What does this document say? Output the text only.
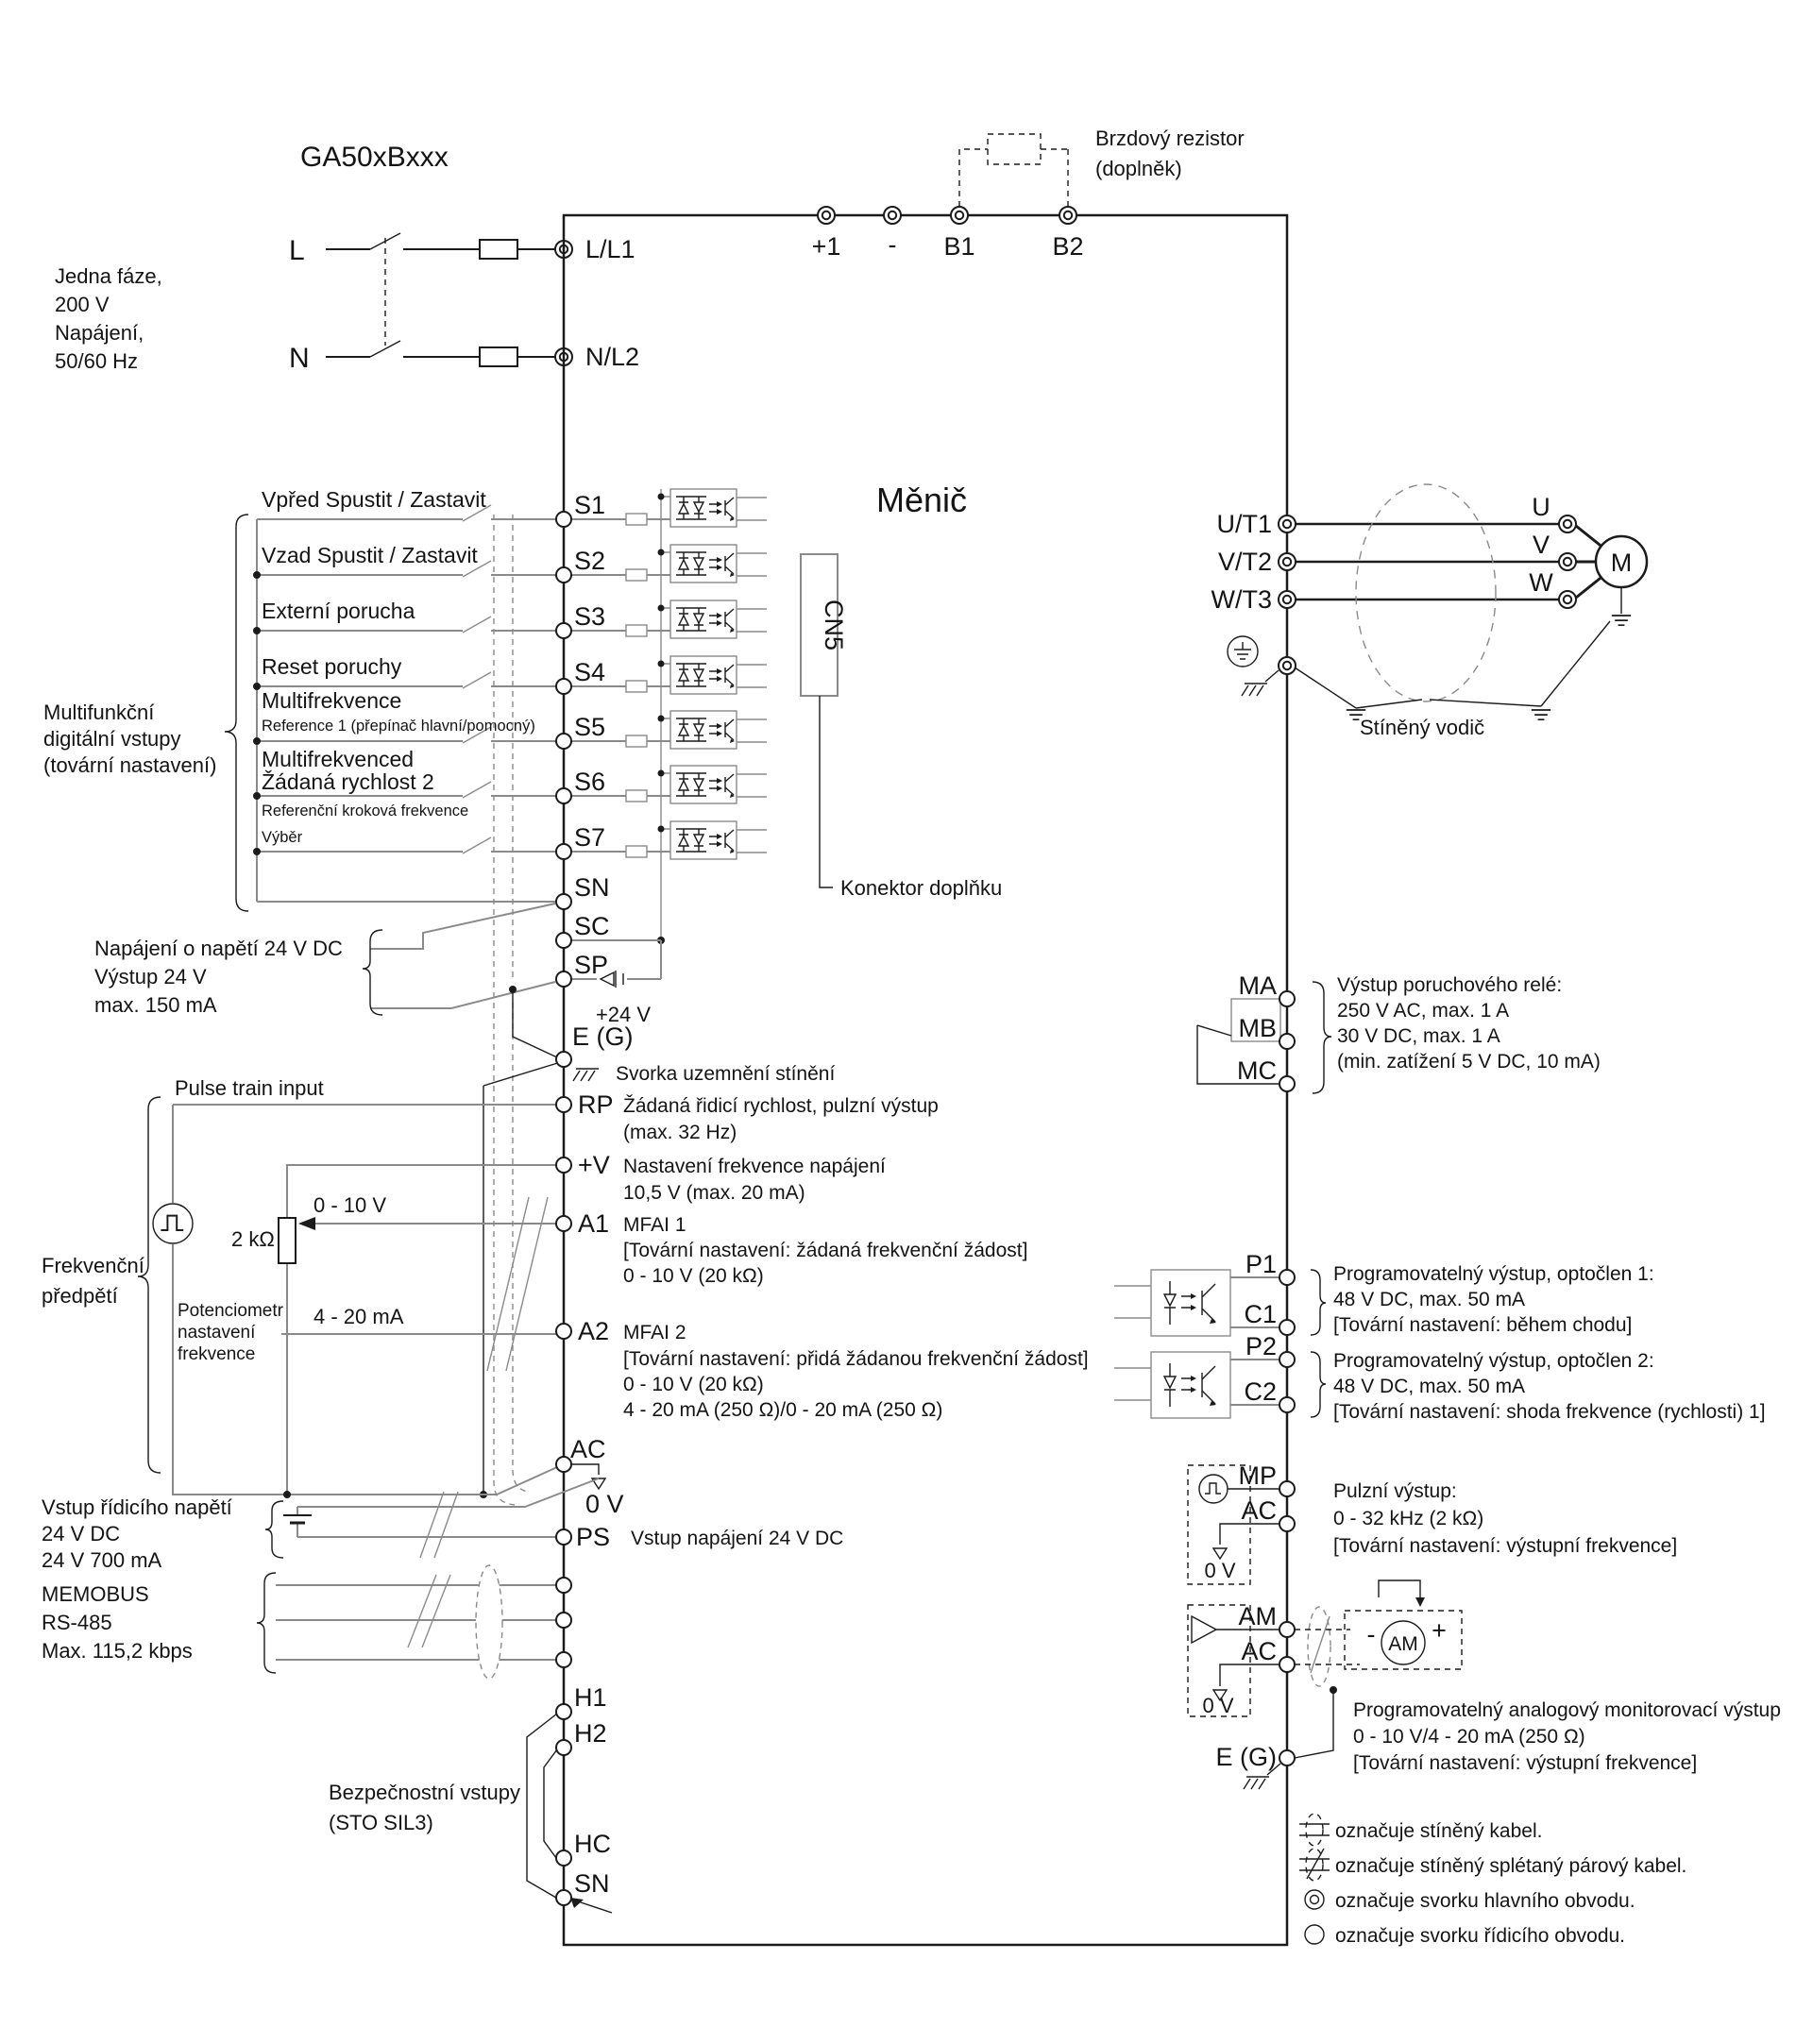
GA50xBxxx
Jedna fáze,
200 V
Napájení,
50/60 Hz
L
N
L/L1
N/L2
Měnič
+1 - B1	B2
Brzdový rezistor
(doplněk)
Vpřed Spustit / Zastavit
Vzad Spustit / Zastavit
Externí porucha
Reset poruchy
Multifrekvence
Reference 1 (přepínač hlavní/pomocný)
Multifrekvenced
Žádaná rychlost 2
Referenční kroková frekvence
Výběr
Multifunkční
digitální vstupy
(tovární nastavení)
+24 V
Napájení o napětí 24 V DC
Výstup 24 V
max. 150 mA
S1
S2
S3
S4
S5
S6
S7
SN
SC
SP
CN5
Konektor doplňku
E (G)
Svorka uzemnění stínění
Pulse train input
Frekvenční
předpětí
2 kΩ
0 - 10 V
4 - 20 mA
Potenciometr
nastavení
frekvence
RP
+V
A1
A2
AC
Žádaná řidicí rychlost, pulzní výstup
(max. 32 Hz)
Nastavení frekvence napájení
10,5 V (max. 20 mA)
MFAI 1
[Tovární nastavení: žádaná frekvenční žádost]
0 - 10 V (20 kΩ)
MFAI 2
[Tovární nastavení: přidá žádanou frekvenční žádost]
0 - 10 V (20 kΩ)
4 - 20 mA (250 Ω)/0 - 20 mA (250 Ω)
0 V
Vstup řídicího napětí
24 V DC
24 V 700 mA
PS Vstup napájení 24 V DC
MEMOBUS
RS-485
Max. 115,2 kbps
H1
H2
HC
SN
Bezpečnostní vstupy
(STO SIL3)
U/T1
V/T2
W/T3
U
V
W
M
Stíněný vodič
MA
MB
MC
Výstup poruchového relé:
250 V AC, max. 1 A
30 V DC, max. 1 A
(min. zatížení 5 V DC, 10 mA)
P1
C1
P2
C2
Programovatelný výstup, optočlen 1:
48 V DC, max. 50 mA
[Tovární nastavení: během chodu]
Programovatelný výstup, optočlen 2:
48 V DC, max. 50 mA
[Tovární nastavení: shoda frekvence (rychlosti) 1]
0 V
MP
AC
Pulzní výstup:
0 - 32 kHz (2 kΩ)
[Tovární nastavení: výstupní frekvence]
0 V
AM
AC	AM
- +
E (G)
Programovatelný analogový monitorovací výstup
0 - 10 V/4 - 20 mA (250 Ω)
[Tovární nastavení: výstupní frekvence]
označuje stíněný kabel.
označuje stíněný splétaný párový kabel.
označuje svorku hlavního obvodu.
označuje svorku řídicího obvodu.
